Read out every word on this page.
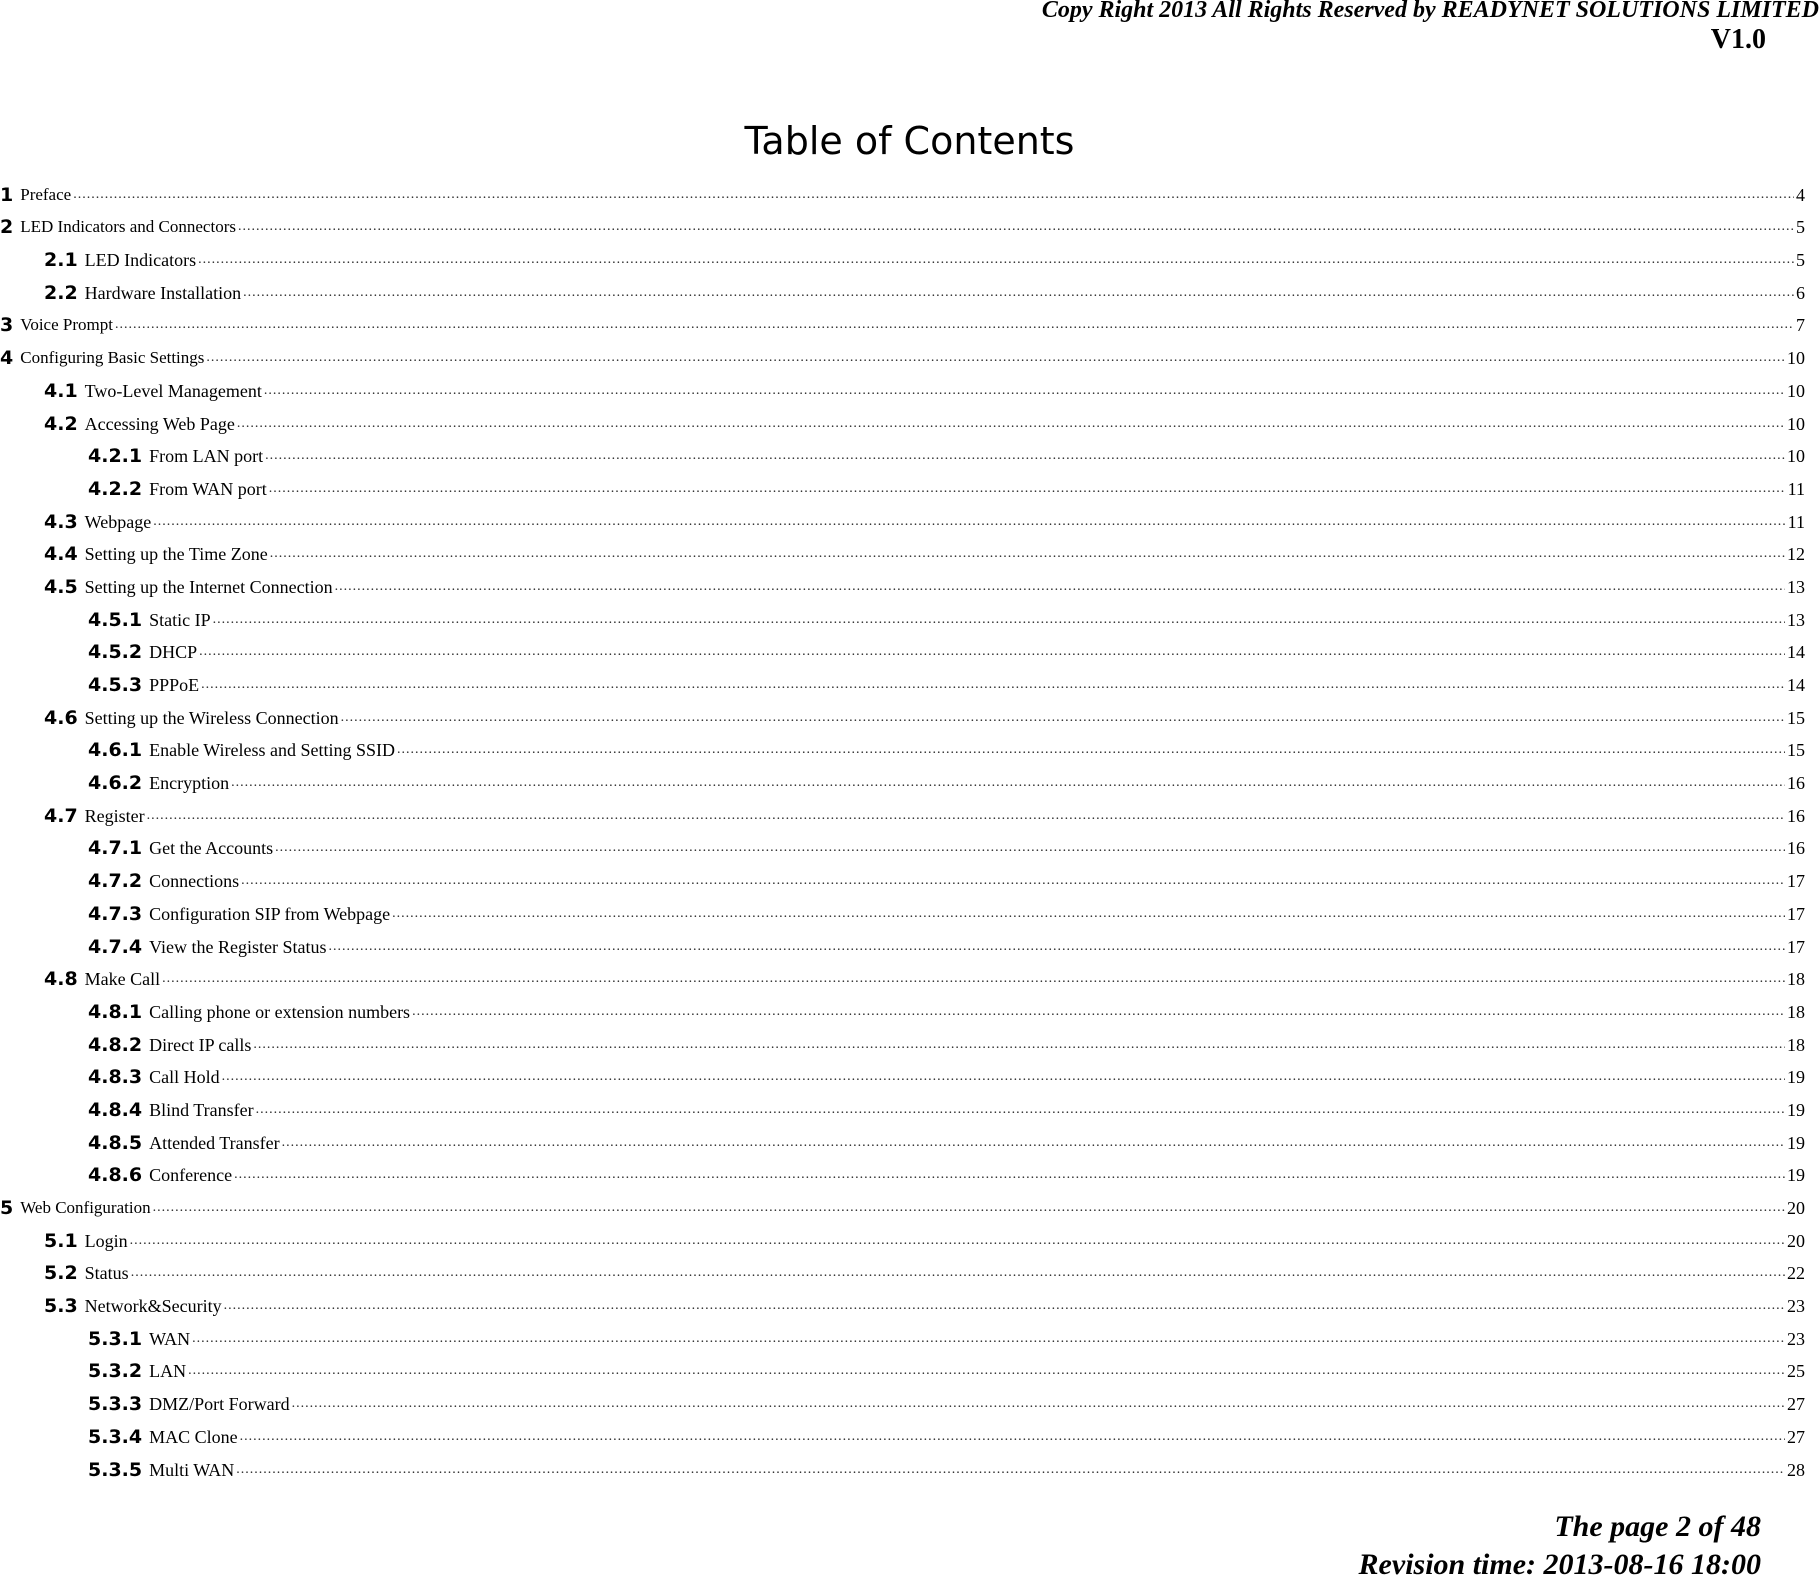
Copy Right 2013 All Rights Reserved by READYNET SOLUTIONS LIMITED
V1.0
Table of Contents
1 Preface .....	4
2 LED Indicators and Connectors .....	5
2.1 LED Indicators .....	5
2.2 Hardware Installation .....	6
3 Voice Prompt .....	7
4 Configuring Basic Settings .....	10
4.1 Two-Level Management .....	10
4.2 Accessing Web Page .....	10
4.2.1 From LAN port .....	10
4.2.2 From WAN port .....	11
4.3 Webpage .....	11
4.4 Setting up the Time Zone .....	12
4.5 Setting up the Internet Connection .....	13
4.5.1 Static IP .....	13
4.5.2 DHCP .....	14
4.5.3 PPPoE .....	14
4.6 Setting up the Wireless Connection .....	15
4.6.1 Enable Wireless and Setting SSID .....	15
4.6.2 Encryption .....	16
4.7 Register .....	16
4.7.1 Get the Accounts .....	16
4.7.2 Connections .....	17
4.7.3 Configuration SIP from Webpage .....	17
4.7.4 View the Register Status .....	17
4.8 Make Call .....	18
4.8.1 Calling phone or extension numbers .....	18
4.8.2 Direct IP calls .....	18
4.8.3 Call Hold .....	19
4.8.4 Blind Transfer .....	19
4.8.5 Attended Transfer .....	19
4.8.6 Conference .....	19
5 Web Configuration .....	20
5.1 Login .....	20
5.2 Status .....	22
5.3 Network&Security .....	23
5.3.1 WAN .....	23
5.3.2 LAN .....	25
5.3.3 DMZ/Port Forward .....	27
5.3.4 MAC Clone .....	27
5.3.5 Multi WAN .....	28
The page 2 of 48
Revision time: 2013-08-16 18:00
